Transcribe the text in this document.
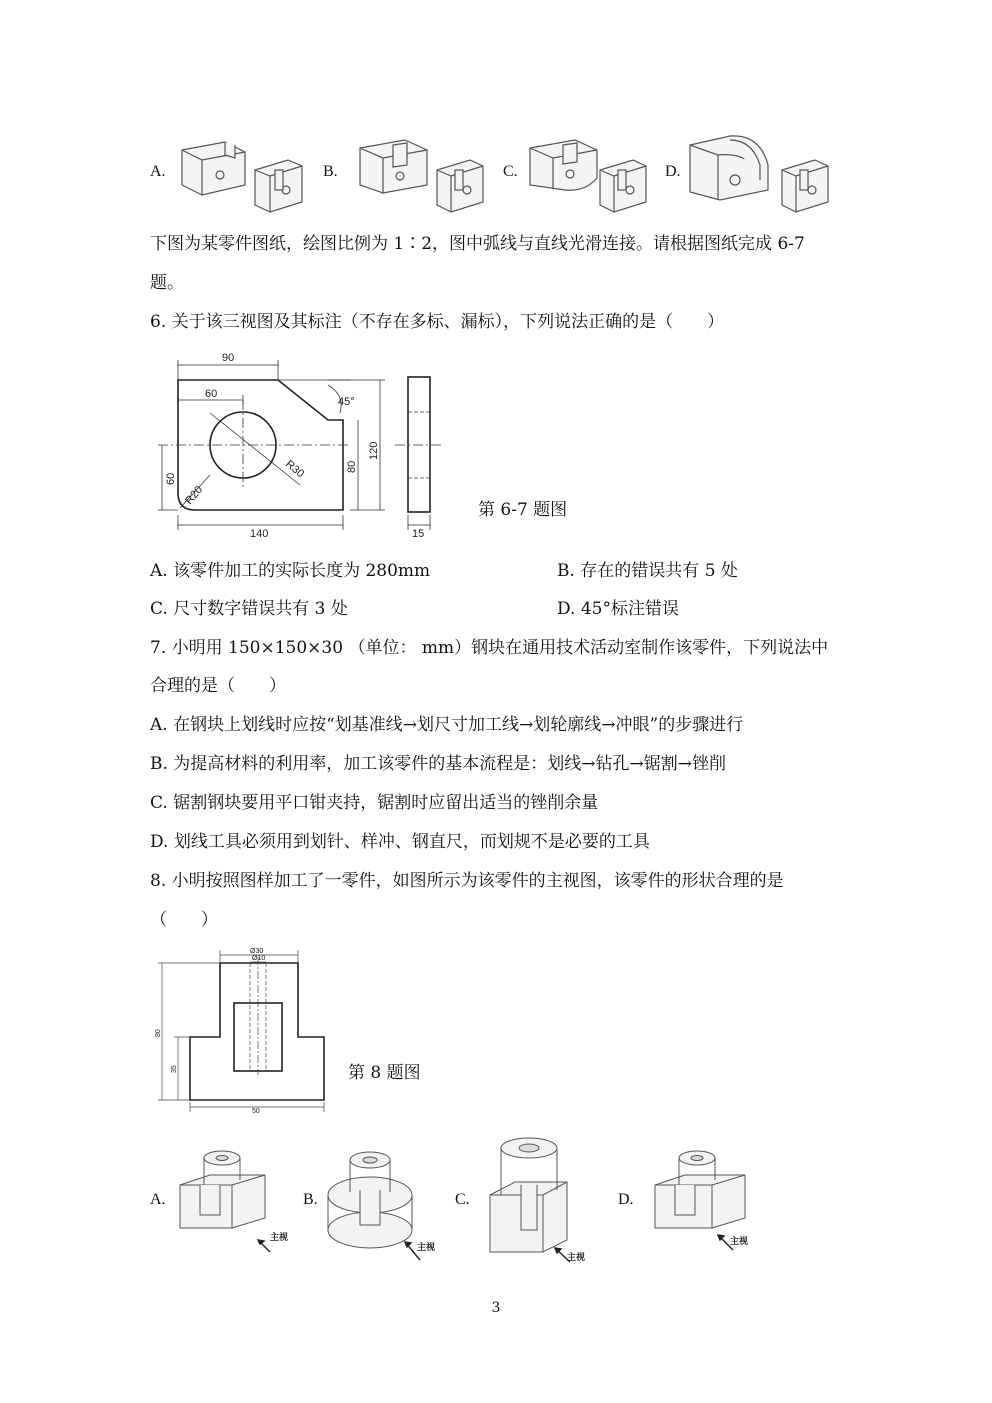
A.	B.	C.	D.
下图为某零件图纸，绘图比例为 1∶2，图中弧线与直线光滑连接。请根据图纸完成 6-7
题。
6. 关于该三视图及其标注（不存在多标、漏标），下列说法正确的是（　　）
90
60
45°
120
80
60
R20
R30
140	15
第 6-7 题图
A. 该零件加工的实际长度为 280mm	B. 存在的错误共有 5 处
C. 尺寸数字错误共有 3 处	D. 45°标注错误
7. 小明用 150×150×30 （单位： mm）钢块在通用技术活动室制作该零件，下列说法中
合理的是（　　）
A. 在钢块上划线时应按“划基准线→划尺寸加工线→划轮廓线→冲眼”的步骤进行
B. 为提高材料的利用率，加工该零件的基本流程是：划线→钻孔→锯割→锉削
C. 锯割钢块要用平口钳夹持，锯割时应留出适当的锉削余量
D. 划线工具必须用到划针、样冲、钢直尺，而划规不是必要的工具
8. 小明按照图样加工了一零件，如图所示为该零件的主视图，该零件的形状合理的是
（　　）
Ø30
Ø10
80
35
50
第 8 题图
A.	B.	C.	D.
主视
主视
主视
主视
3
